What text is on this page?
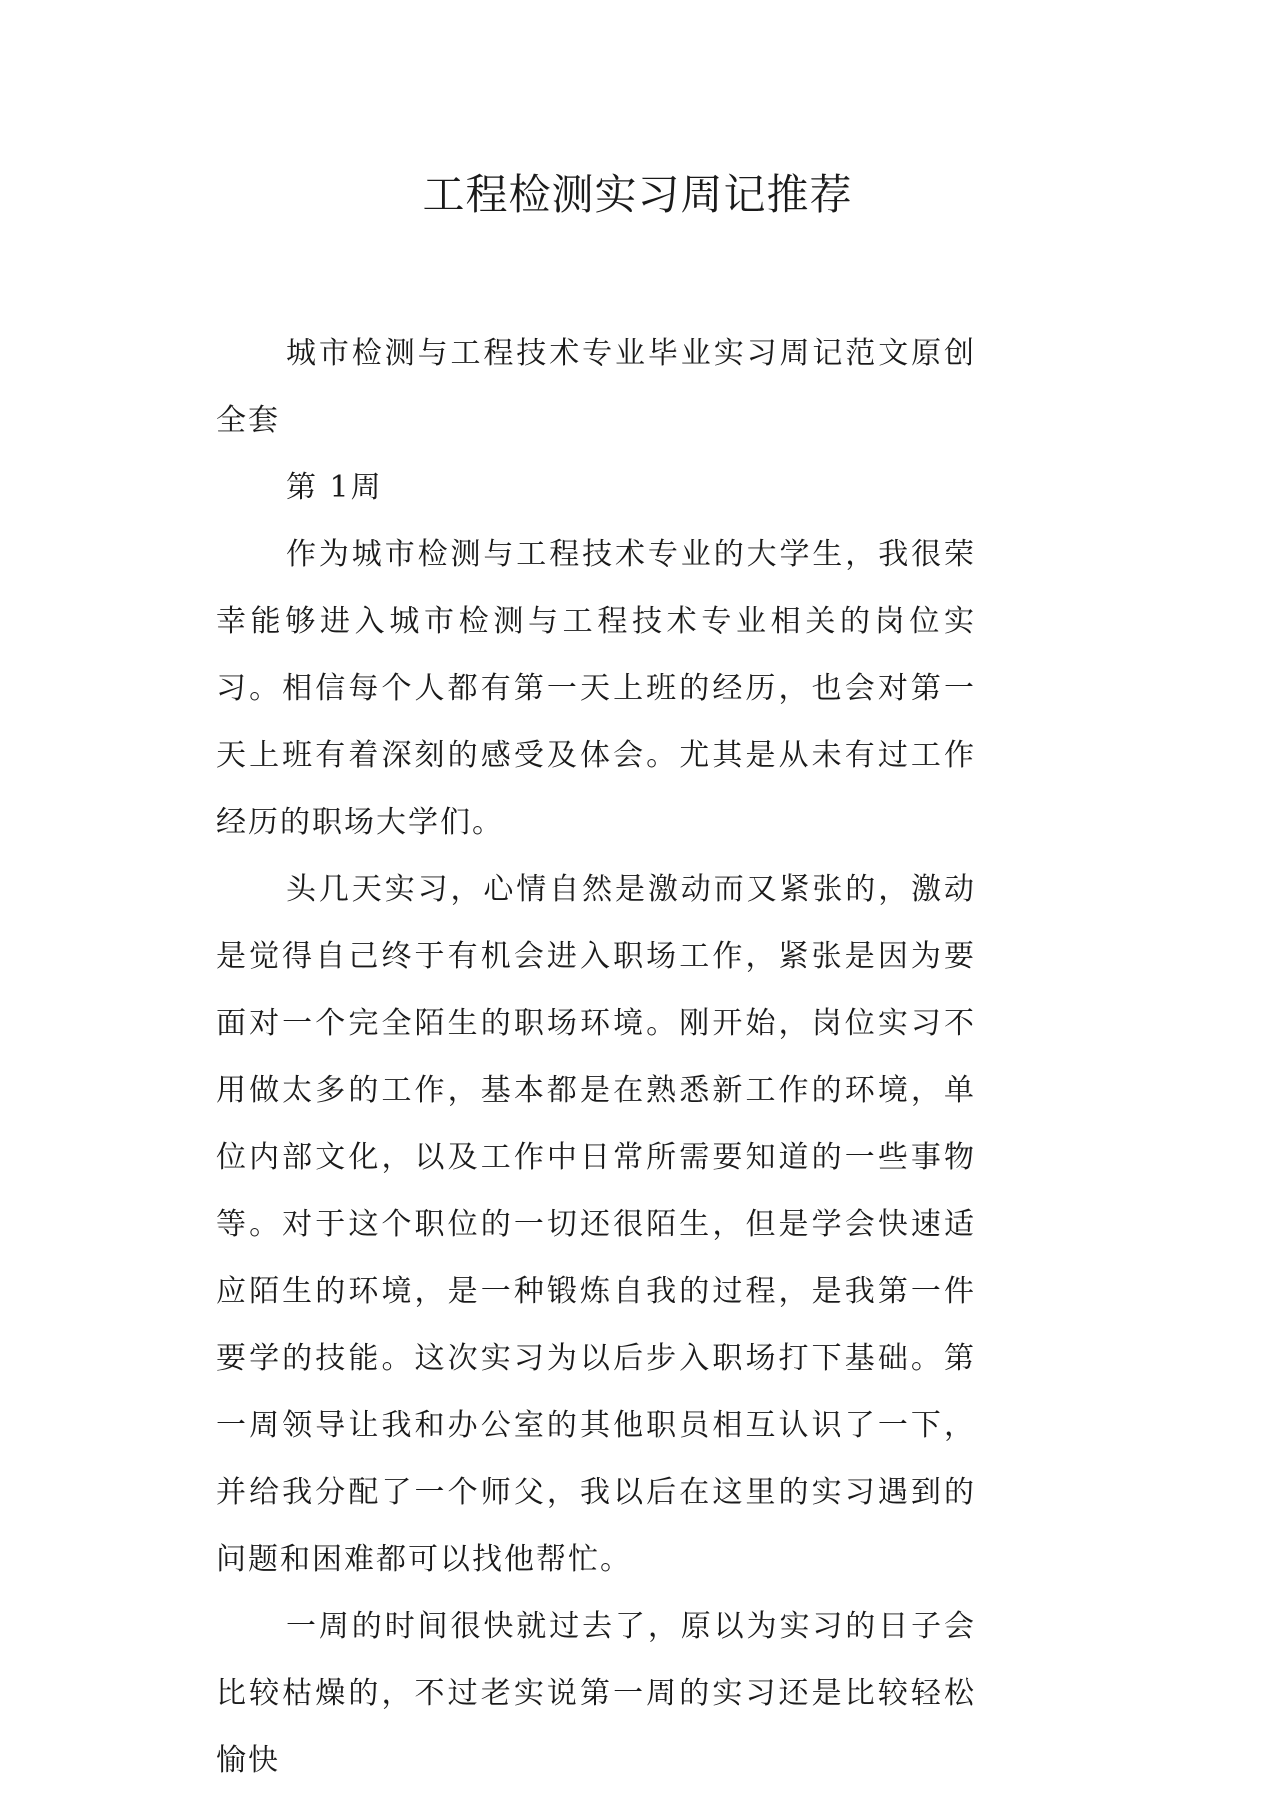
工程检测实习周记推荐

城市检测与工程技术专业毕业实习周记范文原创全套

第 1周

作为城市检测与工程技术专业的大学生，我很荣幸能够进入城市检测与工程技术专业相关的岗位实习。相信每个人都有第一天上班的经历，也会对第一天上班有着深刻的感受及体会。尤其是从未有过工作经历的职场大学们。

头几天实习，心情自然是激动而又紧张的，激动是觉得自己终于有机会进入职场工作，紧张是因为要面对一个完全陌生的职场环境。刚开始，岗位实习不用做太多的工作，基本都是在熟悉新工作的环境，单位内部文化，以及工作中日常所需要知道的一些事物等。对于这个职位的一切还很陌生，但是学会快速适应陌生的环境，是一种锻炼自我的过程，是我第一件要学的技能。这次实习为以后步入职场打下基础。第一周领导让我和办公室的其他职员相互认识了一下，并给我分配了一个师父，我以后在这里的实习遇到的问题和困难都可以找他帮忙。

一周的时间很快就过去了，原以为实习的日子会比较枯燥的，不过老实说第一周的实习还是比较轻松愉快
